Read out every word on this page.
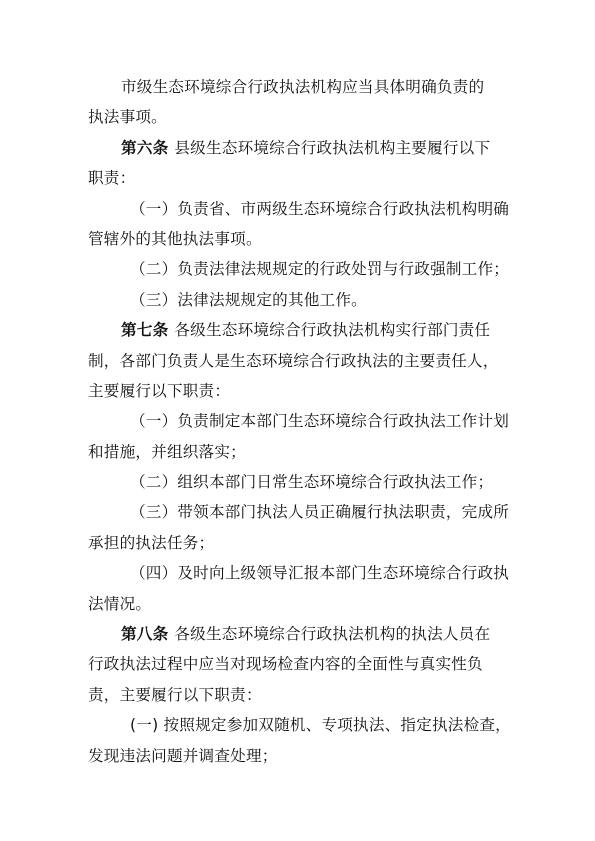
市级生态环境综合行政执法机构应当具体明确负责的
执法事项。
第六条 县级生态环境综合行政执法机构主要履行以下
职责：
（一）负责省、市两级生态环境综合行政执法机构明确
管辖外的其他执法事项。
（二）负责法律法规规定的行政处罚与行政强制工作；
（三）法律法规规定的其他工作。
第七条 各级生态环境综合行政执法机构实行部门责任
制，各部门负责人是生态环境综合行政执法的主要责任人，
主要履行以下职责：
（一）负责制定本部门生态环境综合行政执法工作计划
和措施，并组织落实；
（二）组织本部门日常生态环境综合行政执法工作；
（三）带领本部门执法人员正确履行执法职责，完成所
承担的执法任务；
（四）及时向上级领导汇报本部门生态环境综合行政执
法情况。
第八条 各级生态环境综合行政执法机构的执法人员在
行政执法过程中应当对现场检查内容的全面性与真实性负
责，主要履行以下职责：
(一) 按照规定参加双随机、专项执法、指定执法检查，
发现违法问题并调查处理；
